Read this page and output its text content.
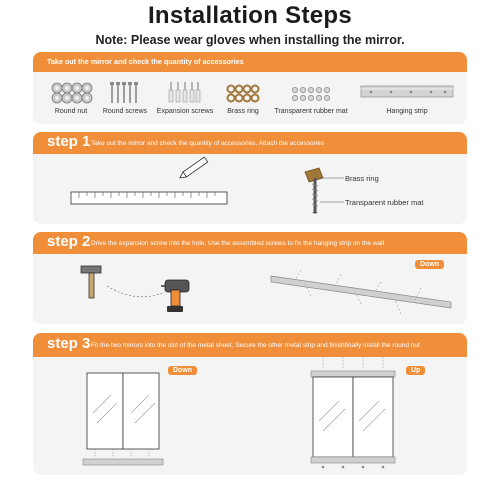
Installation Steps
Note: Please wear gloves when installing the mirror.
Take out the mirror and check the quantity of accessories
Round nut Round screws Expansion screws Brass ring Transparent rubber mat	Hanging strip
step 1 Take out the mirror and check the quantity of accessories, Attach the accessories
Brass ring
Transparent rubber mat
step 2 Drive the expansion screw into the hole, Use the assembled screws to fix the hanging strip on the wall
Down
step 3 Fit the two mirrors into the slot of the metal sheet, Secure the other metal strip and finishfinally install the round nut
Down	Up
